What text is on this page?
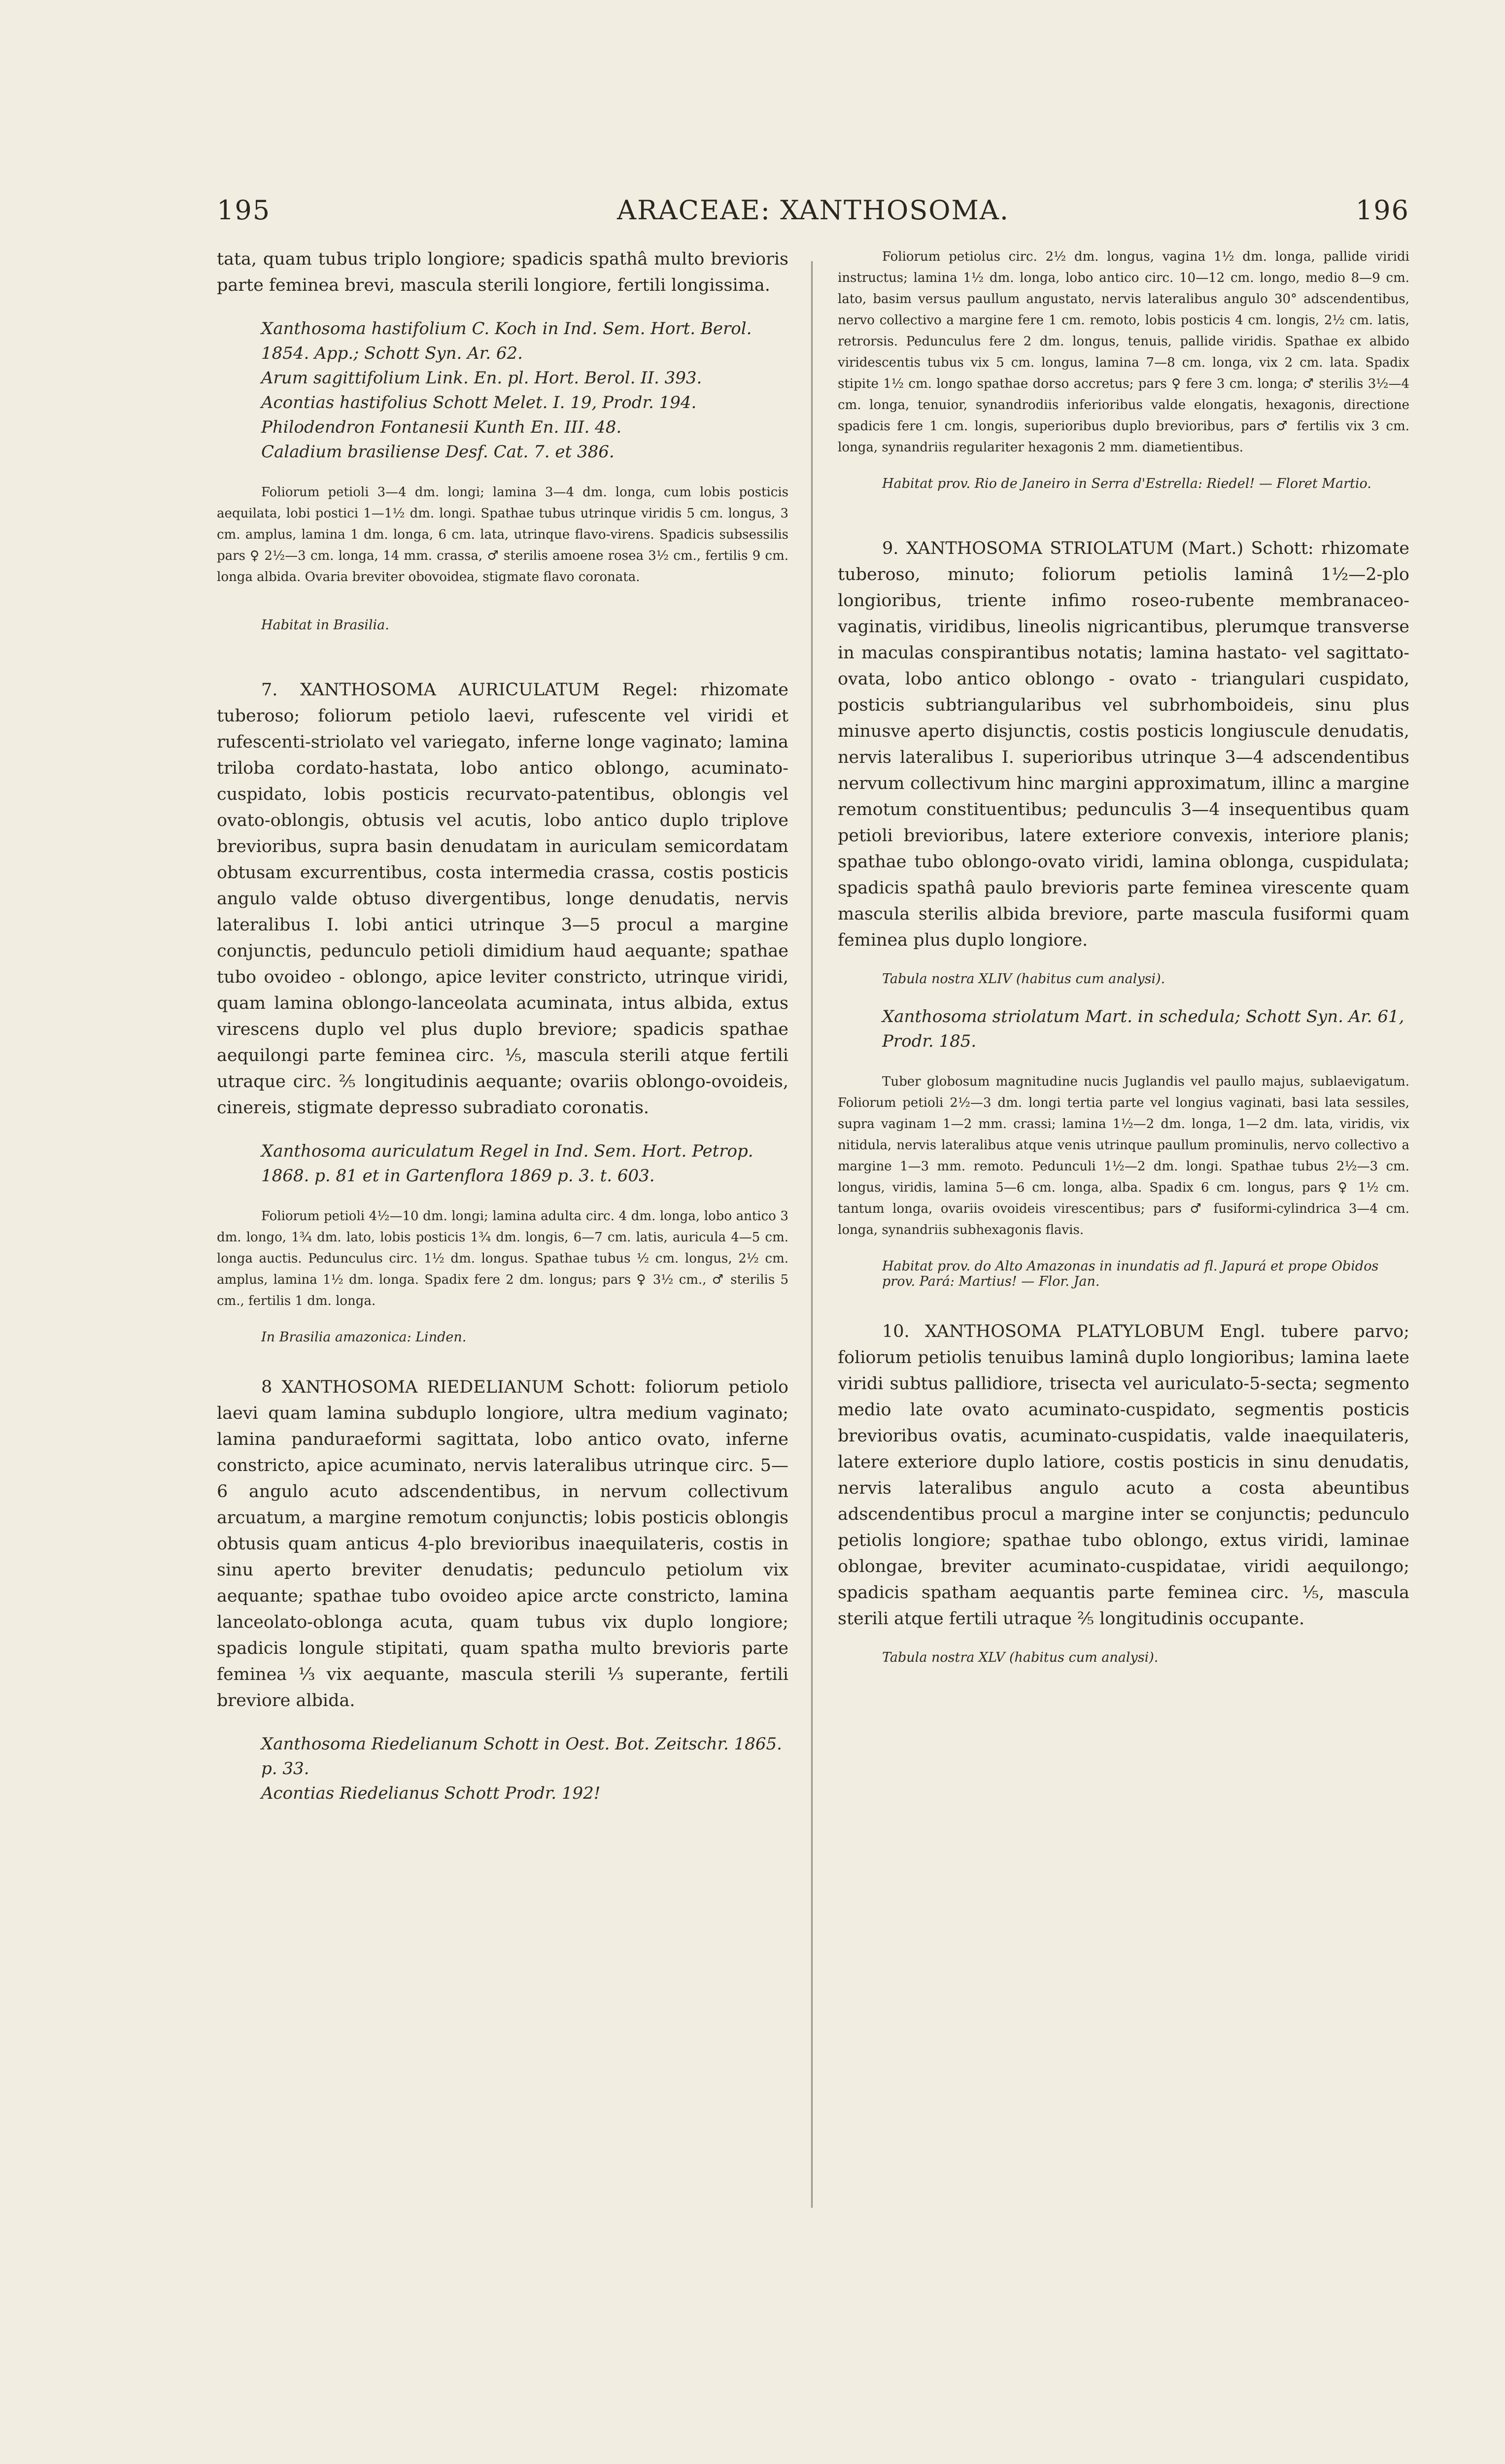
195	ARACEAE: XANTHOSOMA.	196

tata, quam tubus triplo longiore; spadicis spathâ multo brevioris parte feminea brevi, mascula sterili longiore, fertili longissima.

Xanthosoma hastifolium C. Koch in Ind. Sem. Hort. Berol. 1854. App.; Schott Syn. Ar. 62.

Arum sagittifolium Link. En. pl. Hort. Berol. II. 393.

Acontias hastifolius Schott Melet. I. 19, Prodr. 194.

Philodendron Fontanesii Kunth En. III. 48.

Caladium brasiliense Desf. Cat. 7. et 386.

Foliorum petioli 3—4 dm. longi; lamina 3—4 dm. longa, cum lobis posticis aequilata, lobi postici 1—1½ dm. longi. Spathae tubus utrinque viridis 5 cm. longus, 3 cm. amplus, lamina 1 dm. longa, 6 cm. lata, utrinque flavo-virens. Spadicis subsessilis pars ♀ 2½—3 cm. longa, 14 mm. crassa, ♂ sterilis amoene rosea 3½ cm., fertilis 9 cm. longa albida. Ovaria breviter obovoidea, stigmate flavo coronata.

Habitat in Brasilia.

7. XANTHOSOMA AURICULATUM Regel: rhizomate tuberoso; foliorum petiolo laevi, rufescente vel viridi et rufescenti-striolato vel variegato, inferne longe vaginato; lamina triloba cordato-hastata, lobo antico oblongo, acuminato-cuspidato, lobis posticis recurvato-patentibus, oblongis vel ovato-oblongis, obtusis vel acutis, lobo antico duplo triplove brevioribus, supra basin denudatam in auriculam semicordatam obtusam excurrentibus, costa intermedia crassa, costis posticis angulo valde obtuso divergentibus, longe denudatis, nervis lateralibus I. lobi antici utrinque 3—5 procul a margine conjunctis, pedunculo petioli dimidium haud aequante; spathae tubo ovoideo - oblongo, apice leviter constricto, utrinque viridi, quam lamina oblongo-lanceolata acuminata, intus albida, extus virescens duplo vel plus duplo breviore; spadicis spathae aequilongi parte feminea circ. ⅕, mascula sterili atque fertili utraque circ. ⅖ longitudinis aequante; ovariis oblongo-ovoideis, cinereis, stigmate depresso subradiato coronatis.

Xanthosoma auriculatum Regel in Ind. Sem. Hort. Petrop. 1868. p. 81 et in Gartenflora 1869 p. 3. t. 603.

Foliorum petioli 4½—10 dm. longi; lamina adulta circ. 4 dm. longa, lobo antico 3 dm. longo, 1¾ dm. lato, lobis posticis 1¾ dm. longis, 6—7 cm. latis, auricula 4—5 cm. longa auctis. Pedunculus circ. 1½ dm. longus. Spathae tubus ½ cm. longus, 2½ cm. amplus, lamina 1½ dm. longa. Spadix fere 2 dm. longus; pars ♀ 3½ cm., ♂ sterilis 5 cm., fertilis 1 dm. longa.

In Brasilia amazonica: Linden.

8 XANTHOSOMA RIEDELIANUM Schott: foliorum petiolo laevi quam lamina subduplo longiore, ultra medium vaginato; lamina panduraeformi sagittata, lobo antico ovato, inferne constricto, apice acuminato, nervis lateralibus utrinque circ. 5—6 angulo acuto adscendentibus, in nervum collectivum arcuatum, a margine remotum conjunctis; lobis posticis oblongis obtusis quam anticus 4-plo brevioribus inaequilateris, costis in sinu aperto breviter denudatis; pedunculo petiolum vix aequante; spathae tubo ovoideo apice arcte constricto, lamina lanceolato-oblonga acuta, quam tubus vix duplo longiore; spadicis longule stipitati, quam spatha multo brevioris parte feminea ⅓ vix aequante, mascula sterili ⅓ superante, fertili breviore albida.

Xanthosoma Riedelianum Schott in Oest. Bot. Zeitschr. 1865. p. 33.

Acontias Riedelianus Schott Prodr. 192!

Foliorum petiolus circ. 2½ dm. longus, vagina 1½ dm. longa, pallide viridi instructus; lamina 1½ dm. longa, lobo antico circ. 10—12 cm. longo, medio 8—9 cm. lato, basim versus paullum angustato, nervis lateralibus angulo 30° adscendentibus, nervo collectivo a margine fere 1 cm. remoto, lobis posticis 4 cm. longis, 2½ cm. latis, retrorsis. Pedunculus fere 2 dm. longus, tenuis, pallide viridis. Spathae ex albido viridescentis tubus vix 5 cm. longus, lamina 7—8 cm. longa, vix 2 cm. lata. Spadix stipite 1½ cm. longo spathae dorso accretus; pars ♀ fere 3 cm. longa; ♂ sterilis 3½—4 cm. longa, tenuior, synandrodiis inferioribus valde elongatis, hexagonis, directione spadicis fere 1 cm. longis, superioribus duplo brevioribus, pars ♂ fertilis vix 3 cm. longa, synandriis regulariter hexagonis 2 mm. diametientibus.

Habitat prov. Rio de Janeiro in Serra d'Estrella: Riedel! — Floret Martio.

9. XANTHOSOMA STRIOLATUM (Mart.) Schott: rhizomate tuberoso, minuto; foliorum petiolis laminâ 1½—2-plo longioribus, triente infimo roseo-rubente membranaceo-vaginatis, viridibus, lineolis nigricantibus, plerumque transverse in maculas conspirantibus notatis; lamina hastato- vel sagittato-ovata, lobo antico oblongo - ovato - triangulari cuspidato, posticis subtriangularibus vel subrhomboideis, sinu plus minusve aperto disjunctis, costis posticis longiuscule denudatis, nervis lateralibus I. superioribus utrinque 3—4 adscendentibus nervum collectivum hinc margini approximatum, illinc a margine remotum constituentibus; pedunculis 3—4 insequentibus quam petioli brevioribus, latere exteriore convexis, interiore planis; spathae tubo oblongo-ovato viridi, lamina oblonga, cuspidulata; spadicis spathâ paulo brevioris parte feminea virescente quam mascula sterilis albida breviore, parte mascula fusiformi quam feminea plus duplo longiore.

Tabula nostra XLIV (habitus cum analysi).

Xanthosoma striolatum Mart. in schedula; Schott Syn. Ar. 61, Prodr. 185.

Tuber globosum magnitudine nucis Juglandis vel paullo majus, sublaevigatum. Foliorum petioli 2½—3 dm. longi tertia parte vel longius vaginati, basi lata sessiles, supra vaginam 1—2 mm. crassi; lamina 1½—2 dm. longa, 1—2 dm. lata, viridis, vix nitidula, nervis lateralibus atque venis utrinque paullum prominulis, nervo collectivo a margine 1—3 mm. remoto. Pedunculi 1½—2 dm. longi. Spathae tubus 2½—3 cm. longus, viridis, lamina 5—6 cm. longa, alba. Spadix 6 cm. longus, pars ♀ 1½ cm. tantum longa, ovariis ovoideis virescentibus; pars ♂ fusiformi-cylindrica 3—4 cm. longa, synandriis subhexagonis flavis.

Habitat prov. do Alto Amazonas in inundatis ad fl. Japurá et prope Obidos prov. Pará: Martius! — Flor. Jan.

10. XANTHOSOMA PLATYLOBUM Engl. tubere parvo; foliorum petiolis tenuibus laminâ duplo longioribus; lamina laete viridi subtus pallidiore, trisecta vel auriculato-5-secta; segmento medio late ovato acuminato-cuspidato, segmentis posticis brevioribus ovatis, acuminato-cuspidatis, valde inaequilateris, latere exteriore duplo latiore, costis posticis in sinu denudatis, nervis lateralibus angulo acuto a costa abeuntibus adscendentibus procul a margine inter se conjunctis; pedunculo petiolis longiore; spathae tubo oblongo, extus viridi, laminae oblongae, breviter acuminato-cuspidatae, viridi aequilongo; spadicis spatham aequantis parte feminea circ. ⅕, mascula sterili atque fertili utraque ⅖ longitudinis occupante.

Tabula nostra XLV (habitus cum analysi).
